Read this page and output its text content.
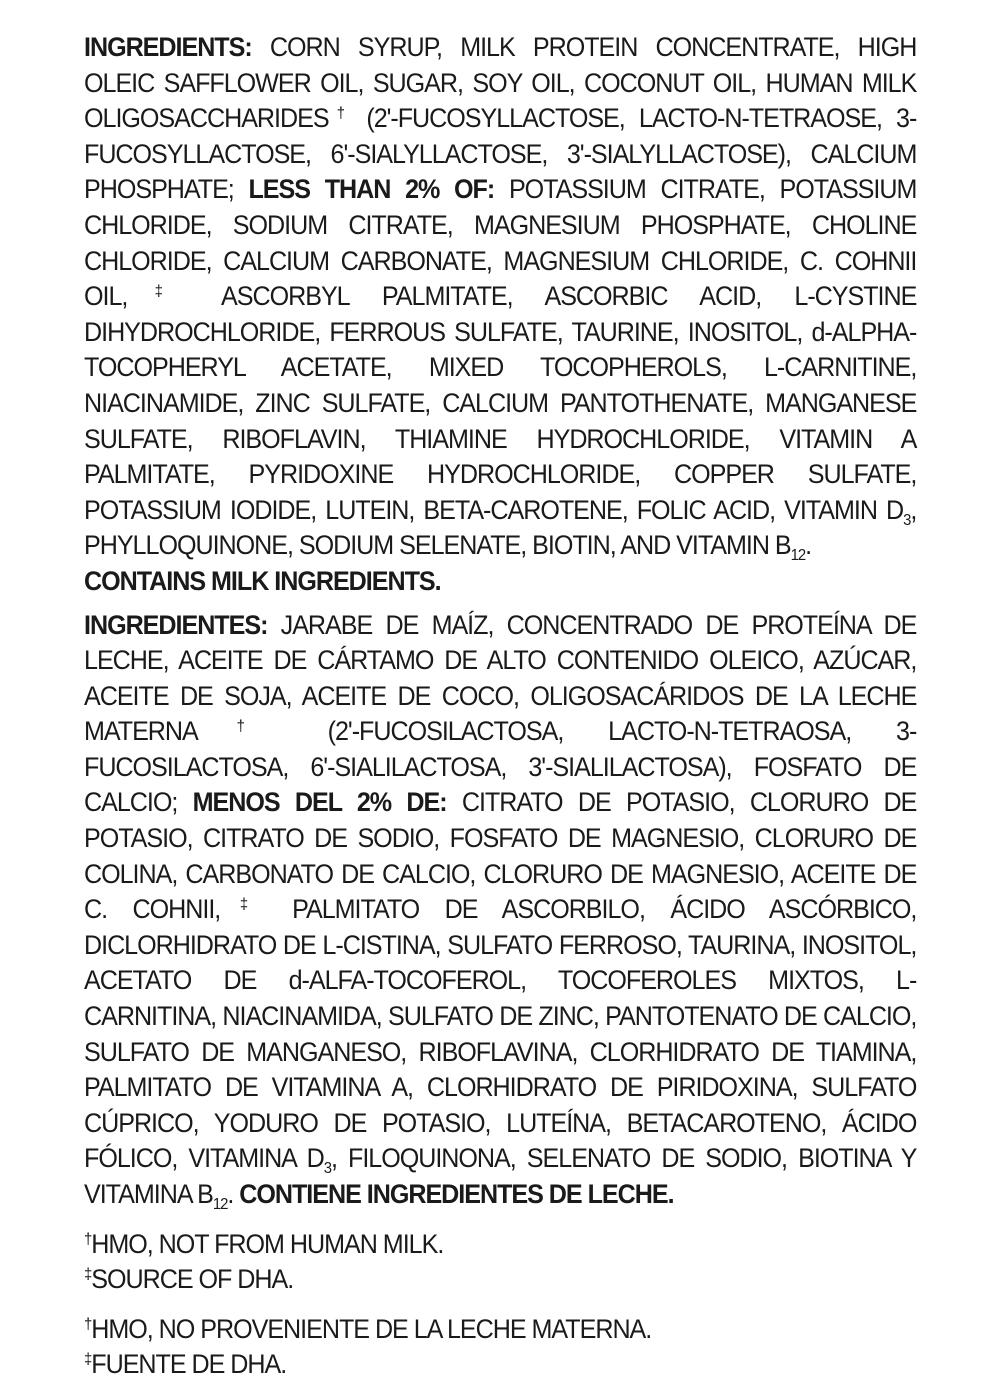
INGREDIENTS: CORN SYRUP, MILK PROTEIN CONCENTRATE, HIGH OLEIC SAFFLOWER OIL, SUGAR, SOY OIL, COCONUT OIL, HUMAN MILK OLIGOSACCHARIDES† (2'-FUCOSYLLACTOSE, LACTO-N-TETRAOSE, 3-FUCOSYLLACTOSE, 6'-SIALYLLACTOSE, 3'-SIALYLLACTOSE), CALCIUM PHOSPHATE; LESS THAN 2% OF: POTASSIUM CITRATE, POTASSIUM CHLORIDE, SODIUM CITRATE, MAGNESIUM PHOSPHATE, CHOLINE CHLORIDE, CALCIUM CARBONATE, MAGNESIUM CHLORIDE, C. COHNII OIL,‡ ASCORBYL PALMITATE, ASCORBIC ACID, L-CYSTINE DIHYDROCHLORIDE, FERROUS SULFATE, TAURINE, INOSITOL, d-ALPHA-TOCOPHERYL ACETATE, MIXED TOCOPHEROLS, L-CARNITINE, NIACINAMIDE, ZINC SULFATE, CALCIUM PANTOTHENATE, MANGANESE SULFATE, RIBOFLAVIN, THIAMINE HYDROCHLORIDE, VITAMIN A PALMITATE, PYRIDOXINE HYDROCHLORIDE, COPPER SULFATE, POTASSIUM IODIDE, LUTEIN, BETA-CAROTENE, FOLIC ACID, VITAMIN $D_3$, PHYLLOQUINONE, SODIUM SELENATE, BIOTIN, AND VITAMIN $B_{12}$.
CONTAINS MILK INGREDIENTS.

INGREDIENTES: JARABE DE MAÍZ, CONCENTRADO DE PROTEÍNA DE LECHE, ACEITE DE CÁRTAMO DE ALTO CONTENIDO OLEICO, AZÚCAR, ACEITE DE SOJA, ACEITE DE COCO, OLIGOSACÁRIDOS DE LA LECHE MATERNA† (2'-FUCOSILACTOSA, LACTO-N-TETRAOSA, 3-FUCOSILACTOSA, 6'-SIALILACTOSA, 3'-SIALILACTOSA), FOSFATO DE CALCIO; MENOS DEL 2% DE: CITRATO DE POTASIO, CLORURO DE POTASIO, CITRATO DE SODIO, FOSFATO DE MAGNESIO, CLORURO DE COLINA, CARBONATO DE CALCIO, CLORURO DE MAGNESIO, ACEITE DE C. COHNII,‡ PALMITATO DE ASCORBILO, ÁCIDO ASCÓRBICO, DICLORHIDRATO DE L-CISTINA, SULFATO FERROSO, TAURINA, INOSITOL, ACETATO DE d-ALFA-TOCOFEROL, TOCOFEROLES MIXTOS, L-CARNITINA, NIACINAMIDA, SULFATO DE ZINC, PANTOTENATO DE CALCIO, SULFATO DE MANGANESO, RIBOFLAVINA, CLORHIDRATO DE TIAMINA, PALMITATO DE VITAMINA A, CLORHIDRATO DE PIRIDOXINA, SULFATO CÚPRICO, YODURO DE POTASIO, LUTEÍNA, BETACAROTENO, ÁCIDO FÓLICO, VITAMINA $D_3$, FILOQUINONA, SELENATO DE SODIO, BIOTINA Y VITAMINA $B_{12}$. CONTIENE INGREDIENTES DE LECHE.

†HMO, NOT FROM HUMAN MILK.

‡SOURCE OF DHA.

†HMO, NO PROVENIENTE DE LA LECHE MATERNA.

‡FUENTE DE DHA.
